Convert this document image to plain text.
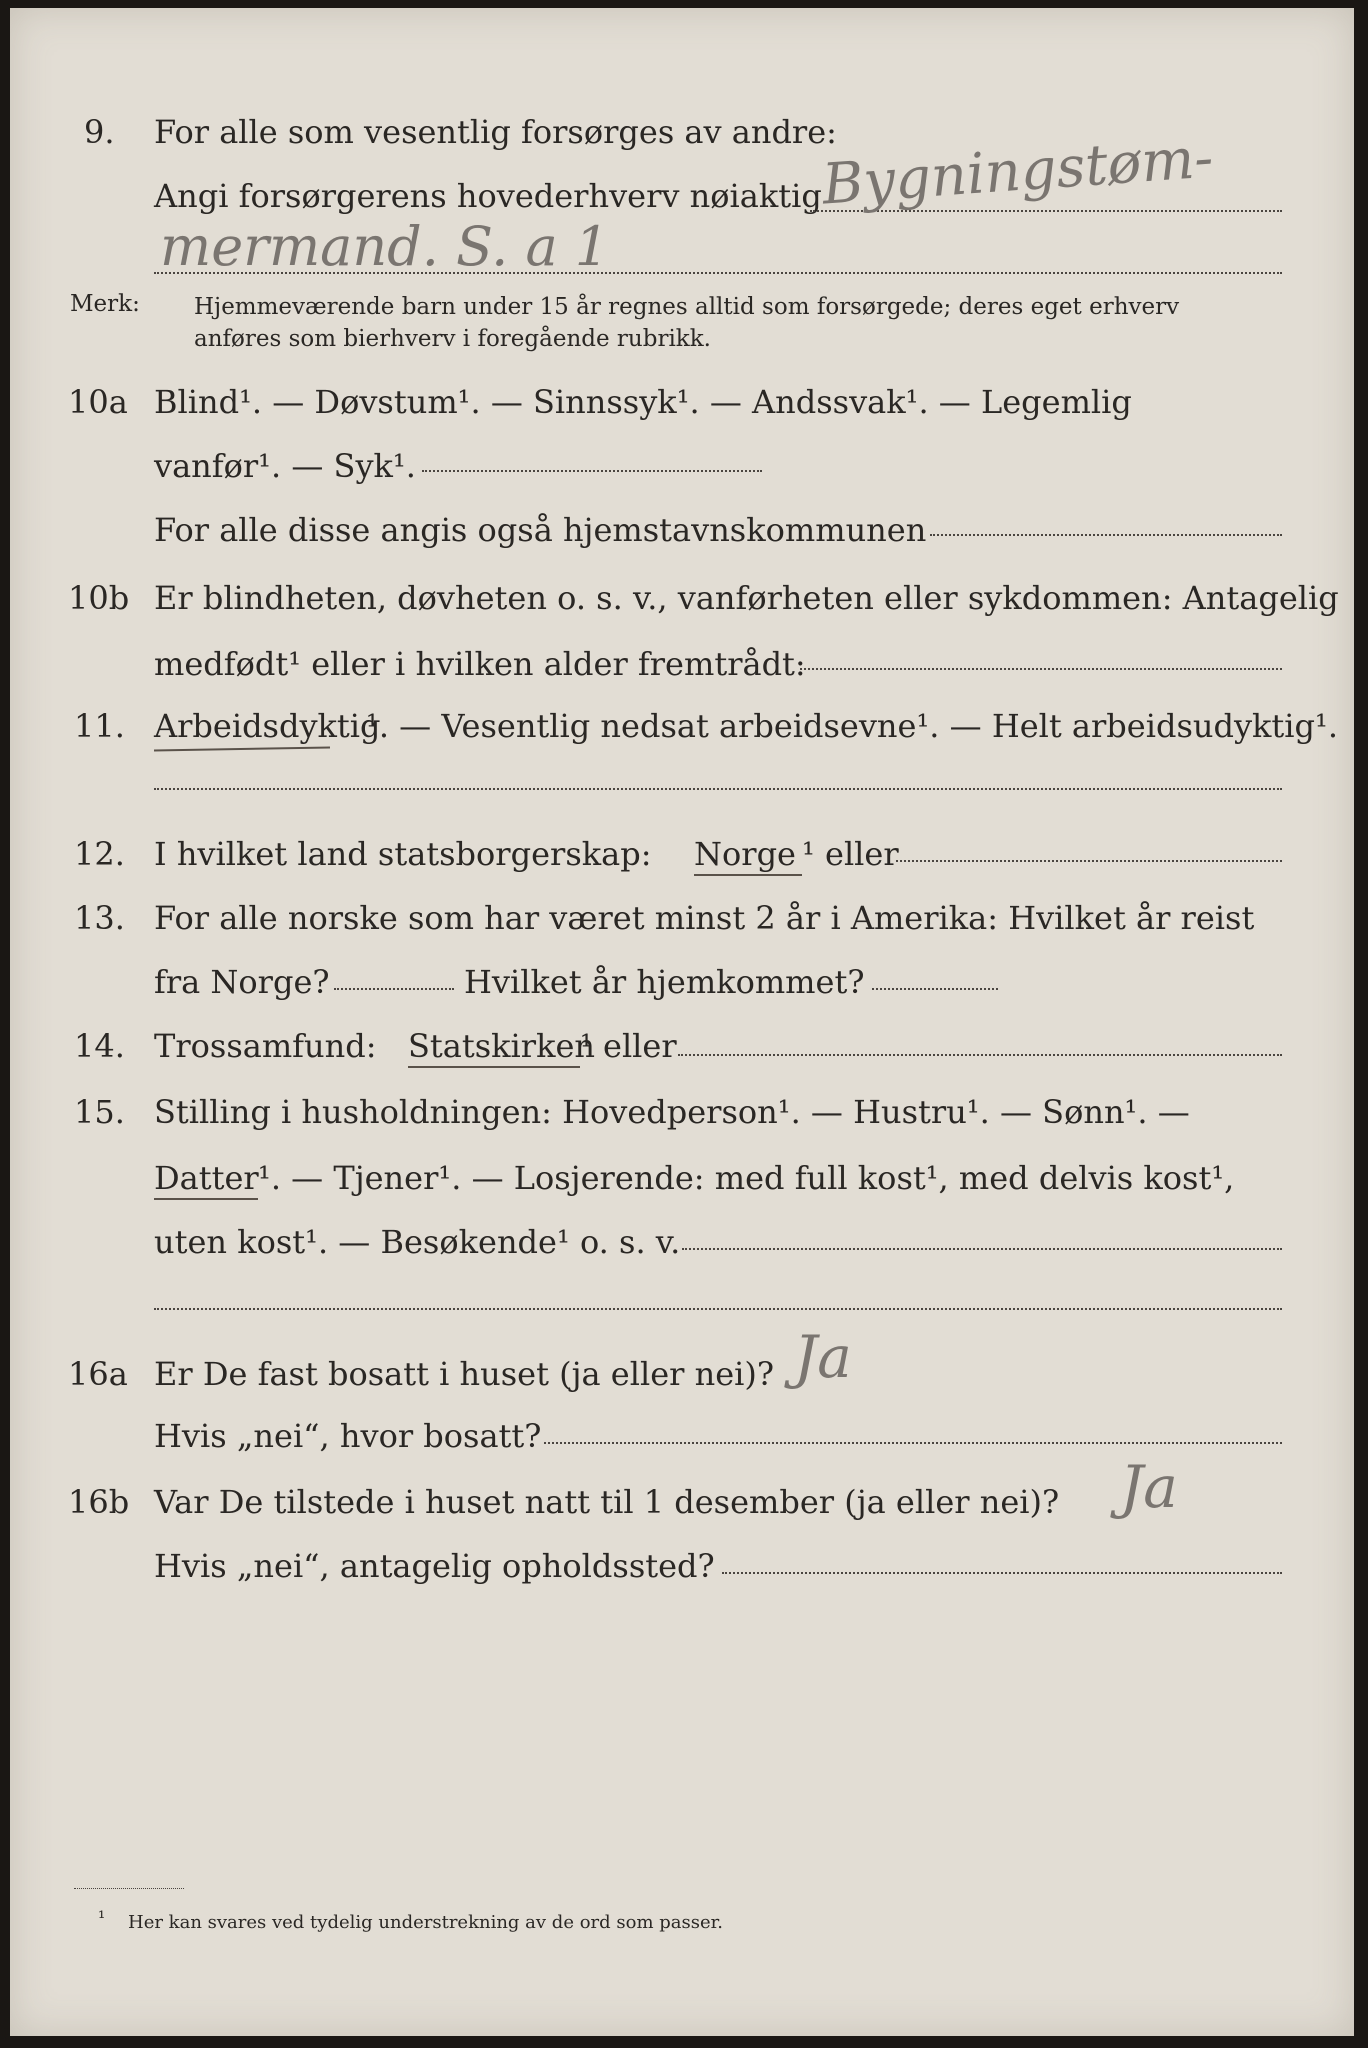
9. For alle som vesentlig forsørges av andre:
Angi forsørgerens hovederhverv nøiaktig
Bygningstøm-
mermand. S. a 1
Merk: Hjemmeværende barn under 15 år regnes alltid som forsørgede; deres eget erhverv
anføres som bierhverv i foregående rubrikk.
10a Blind¹. — Døvstum¹. — Sinnssyk¹. — Andssvak¹. — Legemlig
vanfør¹. — Syk¹.
For alle disse angis også hjemstavnskommunen
10b Er blindheten, døvheten o. s. v., vanførheten eller sykdommen: Antagelig
medfødt¹ eller i hvilken alder fremtrådt:
11. Arbeidsdyktig
¹. — Vesentlig nedsat arbeidsevne¹. — Helt arbeidsudyktig¹.
12. I hvilket land statsborgerskap: Norge ¹ eller
13. For alle norske som har været minst 2 år i Amerika: Hvilket år reist
fra Norge?	Hvilket år hjemkommet?
14. Trossamfund: Statskirken
¹ eller
15. Stilling i husholdningen: Hovedperson¹. — Hustru¹. — Sønn¹. —
Datter ¹. — Tjener¹. — Losjerende: med full kost¹, med delvis kost¹,
uten kost¹. — Besøkende¹ o. s. v.
16a Er De fast bosatt i huset (ja eller nei)? Ja
Hvis „nei“, hvor bosatt?
16b Var De tilstede i huset natt til 1 desember (ja eller nei)? Ja
Hvis „nei“, antagelig opholdssted?
¹ Her kan svares ved tydelig understrekning av de ord som passer.
